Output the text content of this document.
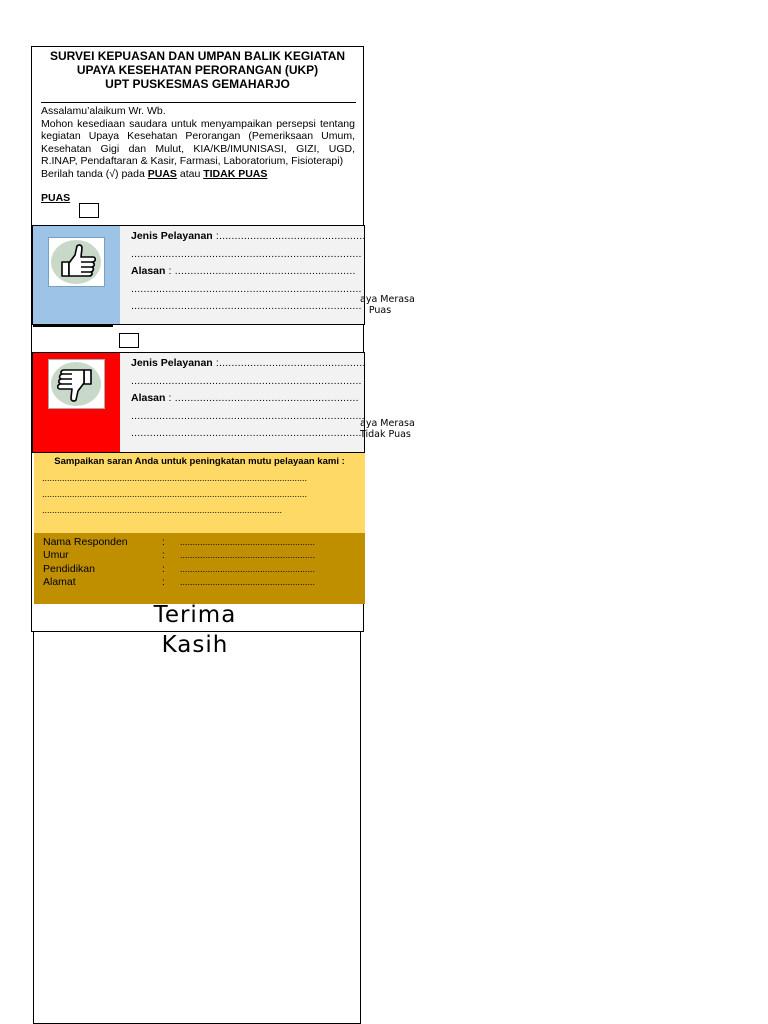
SURVEI KEPUASAN DAN UMPAN BALIK KEGIATAN
UPAYA KESEHATAN PERORANGAN (UKP)
UPT PUSKESMAS GEMAHARJO

Assalamu’alaikum Wr. Wb.

Mohon kesediaan saudara untuk menyampaikan persepsi tentang kegiatan Upaya Kesehatan Perorangan (Pemeriksaan Umum, Kesehatan Gigi dan Mulut, KIA/KB/IMUNISASI, GIZI, UGD, R.INAP, Pendaftaran & Kasir, Farmasi, Laboratorium, Fisioterapi)

Berilah tanda (√) pada PUAS atau TIDAK PUAS

PUAS
Jenis Pelayanan :...............................................
..........................................................................
Alasan : ..........................................................
..........................................................................
..........................................................................
aya Merasa
Puas
Jenis Pelayanan :...............................................
..........................................................................
Alasan : ...........................................................
...........................................................................
..........................................................................
aya Merasa
Tidak Puas
Sampaikan saran Anda untuk peningkatan mutu pelayaan kami :
..........................................................................................................
..........................................................................................................
................................................................................................
Nama Responden	: ......................................................
Umur	: ......................................................
Pendidikan	: ......................................................
Alamat	: ......................................................
Terima
Kasih
